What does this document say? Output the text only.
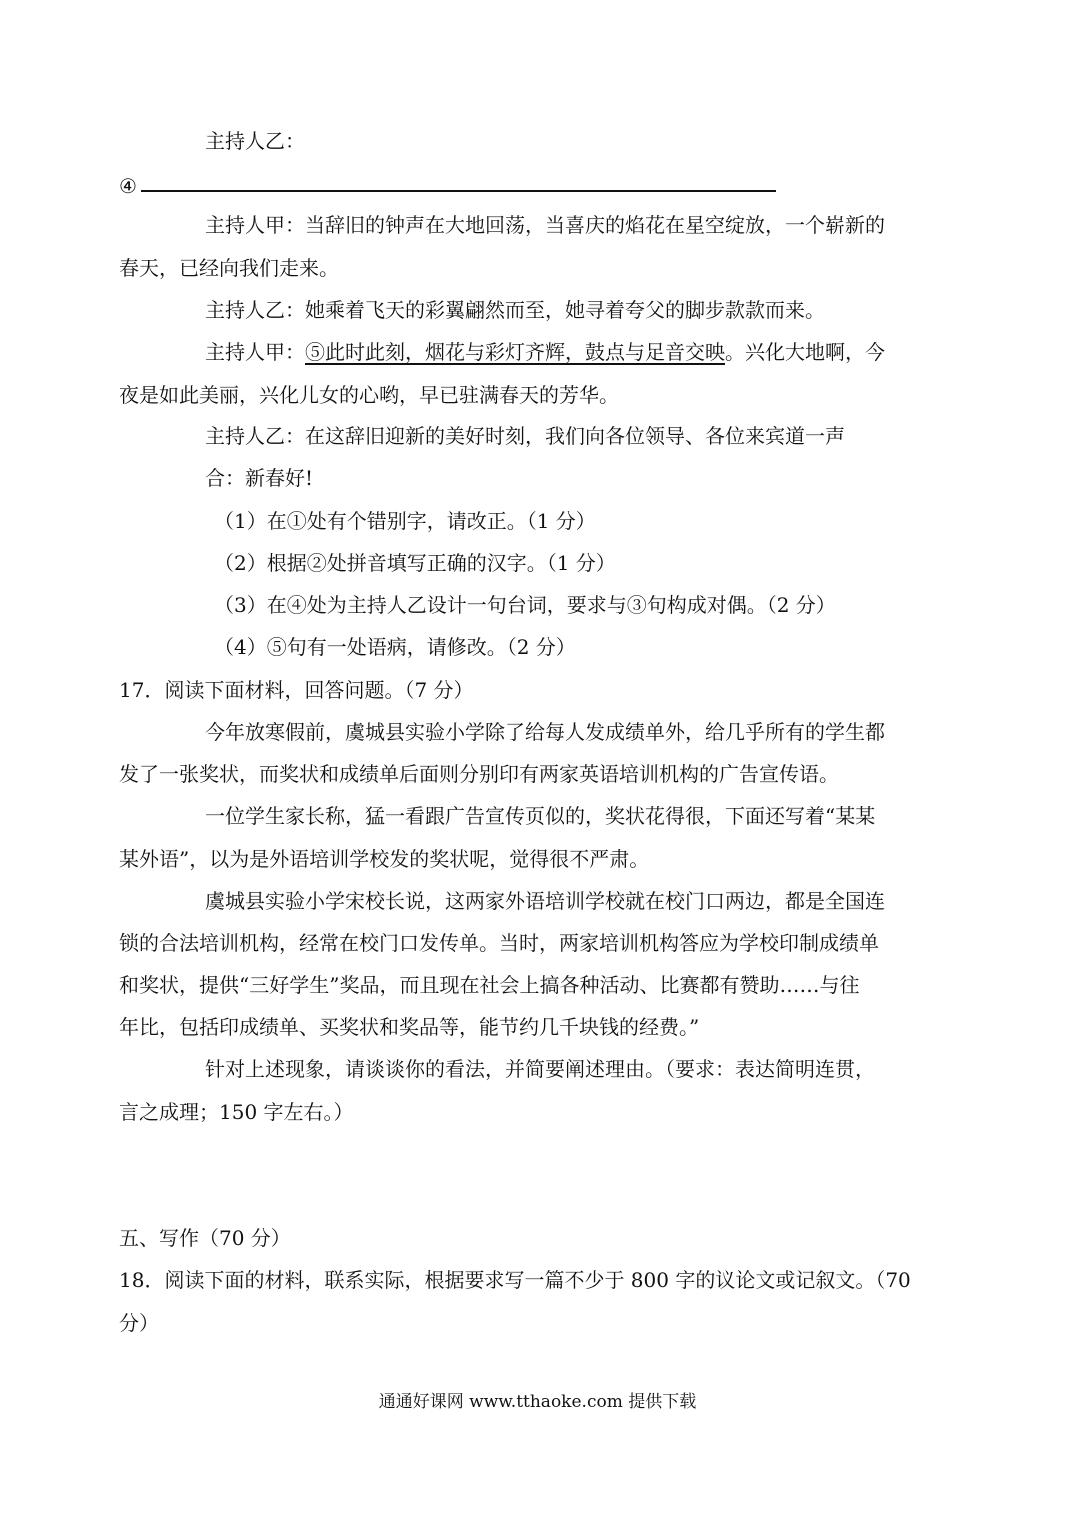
主持人乙：
④
主持人甲：当辞旧的钟声在大地回荡，当喜庆的焰花在星空绽放，一个崭新的
春天，已经向我们走来。
主持人乙：她乘着飞天的彩翼翩然而至，她寻着夸父的脚步款款而来。
主持人甲：⑤此时此刻，烟花与彩灯齐辉，鼓点与足音交映。兴化大地啊，今
夜是如此美丽，兴化儿女的心哟，早已驻满春天的芳华。
主持人乙：在这辞旧迎新的美好时刻，我们向各位领导、各位来宾道一声
合：新春好!
（1）在①处有个错别字，请改正。（1 分）
（2）根据②处拼音填写正确的汉字。（1 分）
（3）在④处为主持人乙设计一句台词，要求与③句构成对偶。（2 分）
（4）⑤句有一处语病，请修改。（2 分）
17．阅读下面材料，回答问题。（7 分）
今年放寒假前，虞城县实验小学除了给每人发成绩单外，给几乎所有的学生都
发了一张奖状，而奖状和成绩单后面则分别印有两家英语培训机构的广告宣传语。
一位学生家长称，猛一看跟广告宣传页似的，奖状花得很，下面还写着“某某
某外语”，以为是外语培训学校发的奖状呢，觉得很不严肃。
虞城县实验小学宋校长说，这两家外语培训学校就在校门口两边，都是全国连
锁的合法培训机构，经常在校门口发传单。当时，两家培训机构答应为学校印制成绩单
和奖状，提供“三好学生”奖品，而且现在社会上搞各种活动、比赛都有赞助……与往
年比，包括印成绩单、买奖状和奖品等，能节约几千块钱的经费。”
针对上述现象，请谈谈你的看法，并简要阐述理由。（要求：表达简明连贯，
言之成理；150 字左右。）
五、写作（70 分）
18．阅读下面的材料，联系实际，根据要求写一篇不少于 800 字的议论文或记叙文。（70
分）
通通好课网 www.tthaoke.com 提供下载
